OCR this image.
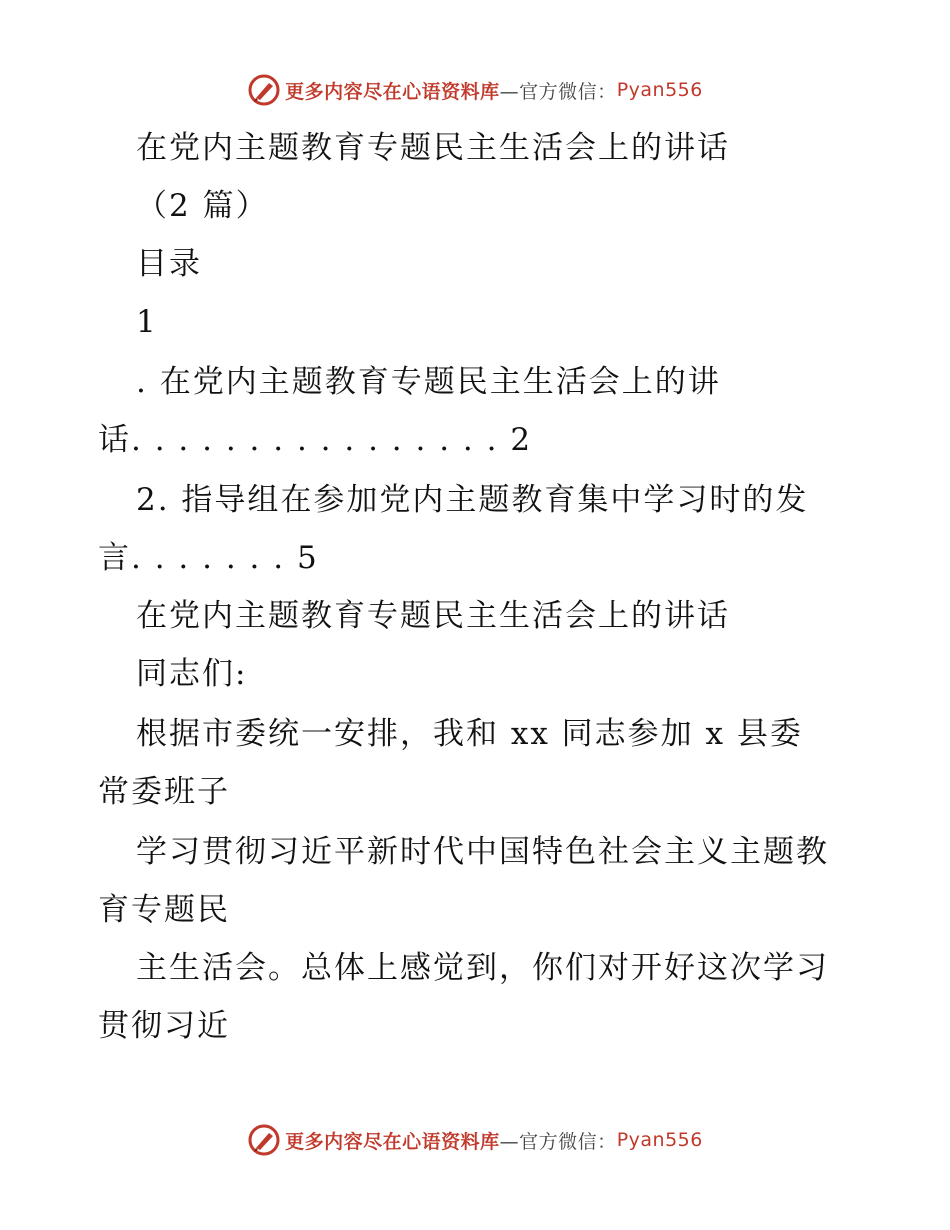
更多内容尽在心语资料库 —官方微信： Pyan556
在党内主题教育专题民主生活会上的讲话
（2 篇）
目录
1
. 在党内主题教育专题民主生活会上的讲
话. . . . . . . . . . . . . . . . 2
2. 指导组在参加党内主题教育集中学习时的发
言. . . . . . . 5
在党内主题教育专题民主生活会上的讲话
同志们:
根据市委统一安排，我和 xx 同志参加 x 县委
常委班子
学习贯彻习近平新时代中国特色社会主义主题教
育专题民
主生活会。总体上感觉到，你们对开好这次学习
贯彻习近
更多内容尽在心语资料库 —官方微信： Pyan556
